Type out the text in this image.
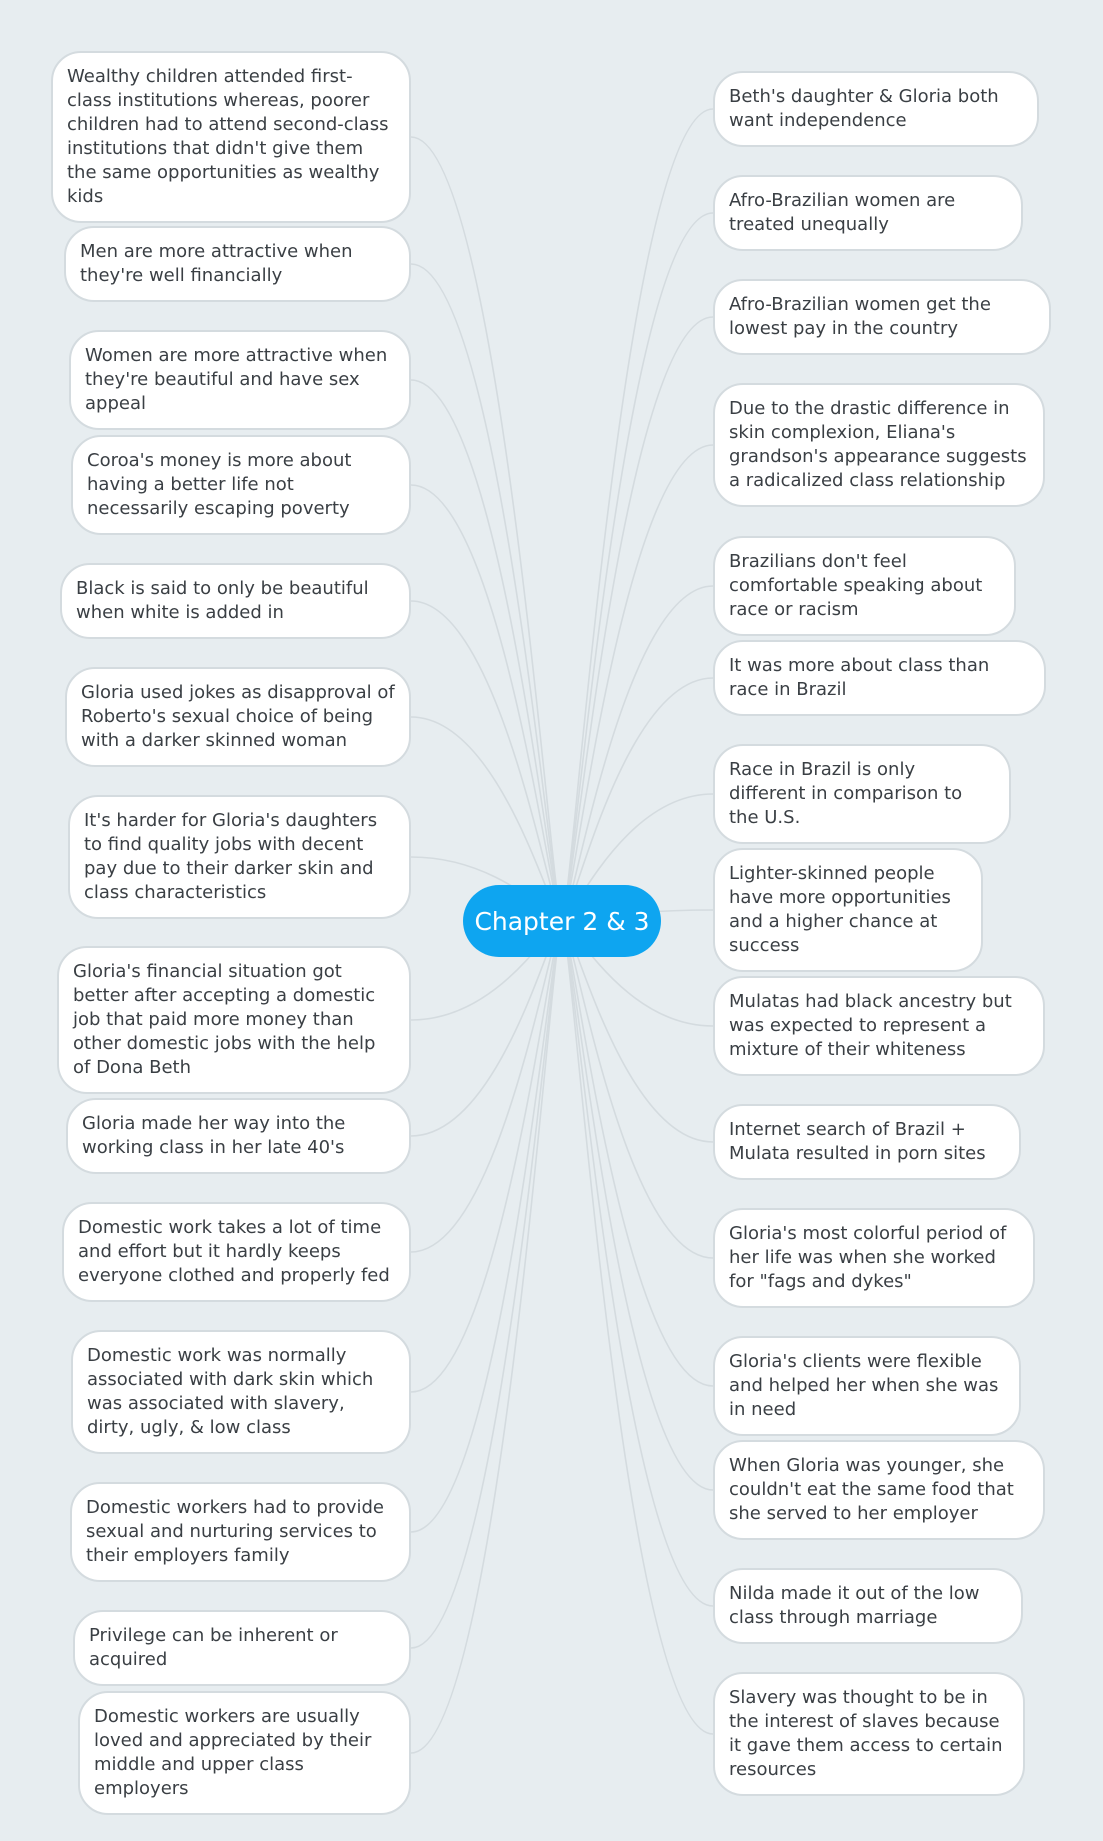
Chapter 2 & 3
Wealthy children attended first-class institutions whereas, poorer children had to attend second-class institutions that didn't give them the same opportunities as wealthy kids
Men are more attractive when they're well financially
Women are more attractive when they're beautiful and have sex appeal
Coroa's money is more about having a better life not necessarily escaping poverty
Black is said to only be beautiful when white is added in
Gloria used jokes as disapproval of Roberto's sexual choice of being with a darker skinned woman
It's harder for Gloria's daughters to find quality jobs with decent pay due to their darker skin and class characteristics
Gloria's financial situation got better after accepting a domestic job that paid more money than other domestic jobs with the help of Dona Beth
Gloria made her way into the working class in her late 40's
Domestic work takes a lot of time and effort but it hardly keeps everyone clothed and properly fed
Domestic work was normally associated with dark skin which was associated with slavery, dirty, ugly, & low class
Domestic workers had to provide sexual and nurturing services to their employers family
Privilege can be inherent or acquired
Domestic workers are usually loved and appreciated by their middle and upper class employers
Beth's daughter & Gloria both want independence
Afro-Brazilian women are treated unequally
Afro-Brazilian women get the lowest pay in the country
Due to the drastic difference in skin complexion, Eliana's grandson's appearance suggests a radicalized class relationship
Brazilians don't feel comfortable speaking about race or racism
It was more about class than race in Brazil
Race in Brazil is only different in comparison to the U.S.
Lighter-skinned people have more opportunities and a higher chance at success
Mulatas had black ancestry but was expected to represent a mixture of their whiteness
Internet search of Brazil + Mulata resulted in porn sites
Gloria's most colorful period of her life was when she worked for "fags and dykes"
Gloria's clients were flexible and helped her when she was in need
When Gloria was younger, she couldn't eat the same food that she served to her employer
Nilda made it out of the low class through marriage
Slavery was thought to be in the interest of slaves because it gave them access to certain resources
